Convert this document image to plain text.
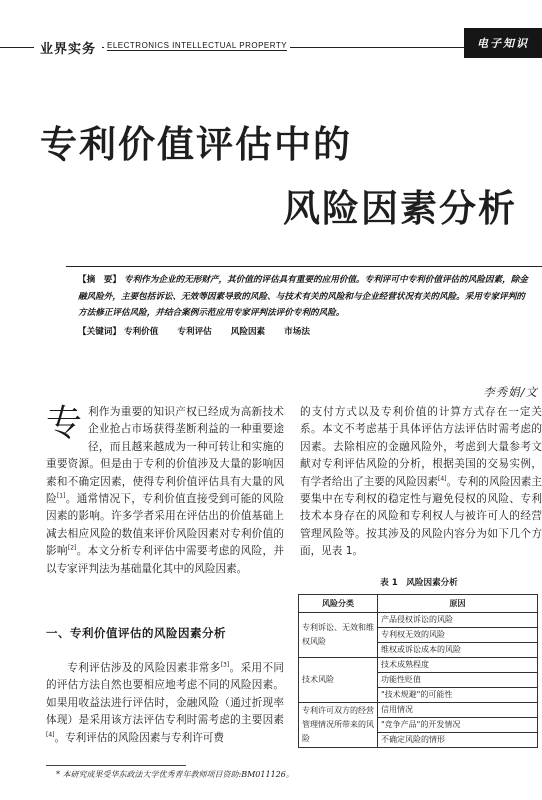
业界实务	ELECTRONICS INTELLECTUAL PROPERTY	电子知识
专利价值评估中的
风险因素分析
【摘　要】 专利作为企业的无形财产，其价值的评估具有重要的应用价值。专利评可中专利价值评估的风险因素，除金融风险外，主要包括诉讼、无效等因素导致的风险、与技术有关的风险和与企业经营状况有关的风险。采用专家评判的方法修正评估风险，并结合案例示范应用专家评判法评价专利的风险。
【关键词】 专利价值 专利评估 风险因素 市场法
李秀娟/文

专利作为重要的知识产权已经成为高新技术企业抢占市场获得垄断利益的一种重要途径，而且越来越成为一种可转让和实施的重要资源。但是由于专利的价值涉及大量的影响因素和不确定因素，使得专利价值评估具有大量的风险[1]。通常情况下，专利价值直接受到可能的风险因素的影响。许多学者采用在评估出的价值基础上减去相应风险的数值来评价风险因素对专利价值的影响[2]。本文分析专利评估中需要考虑的风险，并以专家评判法为基础量化其中的风险因素。

一、专利价值评估的风险因素分析

专利评估涉及的风险因素非常多[3]。采用不同的评估方法自然也要相应地考虑不同的风险因素。如果用收益法进行评估时，金融风险（通过折现率体现）是采用该方法评估专利时需考虑的主要因素[4]。专利评估的风险因素与专利许可费

的支付方式以及专利价值的计算方式存在一定关系。本文不考虑基于具体评估方法评估时需考虑的因素。去除相应的金融风险外，考虑到大量参考文献对专利评估风险的分析，根据美国的交易实例，有学者给出了主要的风险因素[4]。专利的风险因素主要集中在专利权的稳定性与避免侵权的风险、专利技术本身存在的风险和专利权人与被许可人的经营管理风险等。按其涉及的风险内容分为如下几个方面，见表 1。

表 1　风险因素分析
风险分类	原因
专利诉讼、无效和维权风险	产品侵权诉讼的风险
	专利权无效的风险
	维权或诉讼成本的风险
技术风险	技术成熟程度
	功能性贬值
	"技术规避"的可能性
专利许可双方的经营管理情况所带来的风险	信用情况
	"竞争产品"的开发情况
	不确定风险的情形
* 本研究成果受华东政法大学优秀青年教师项目资助:BM011126。
